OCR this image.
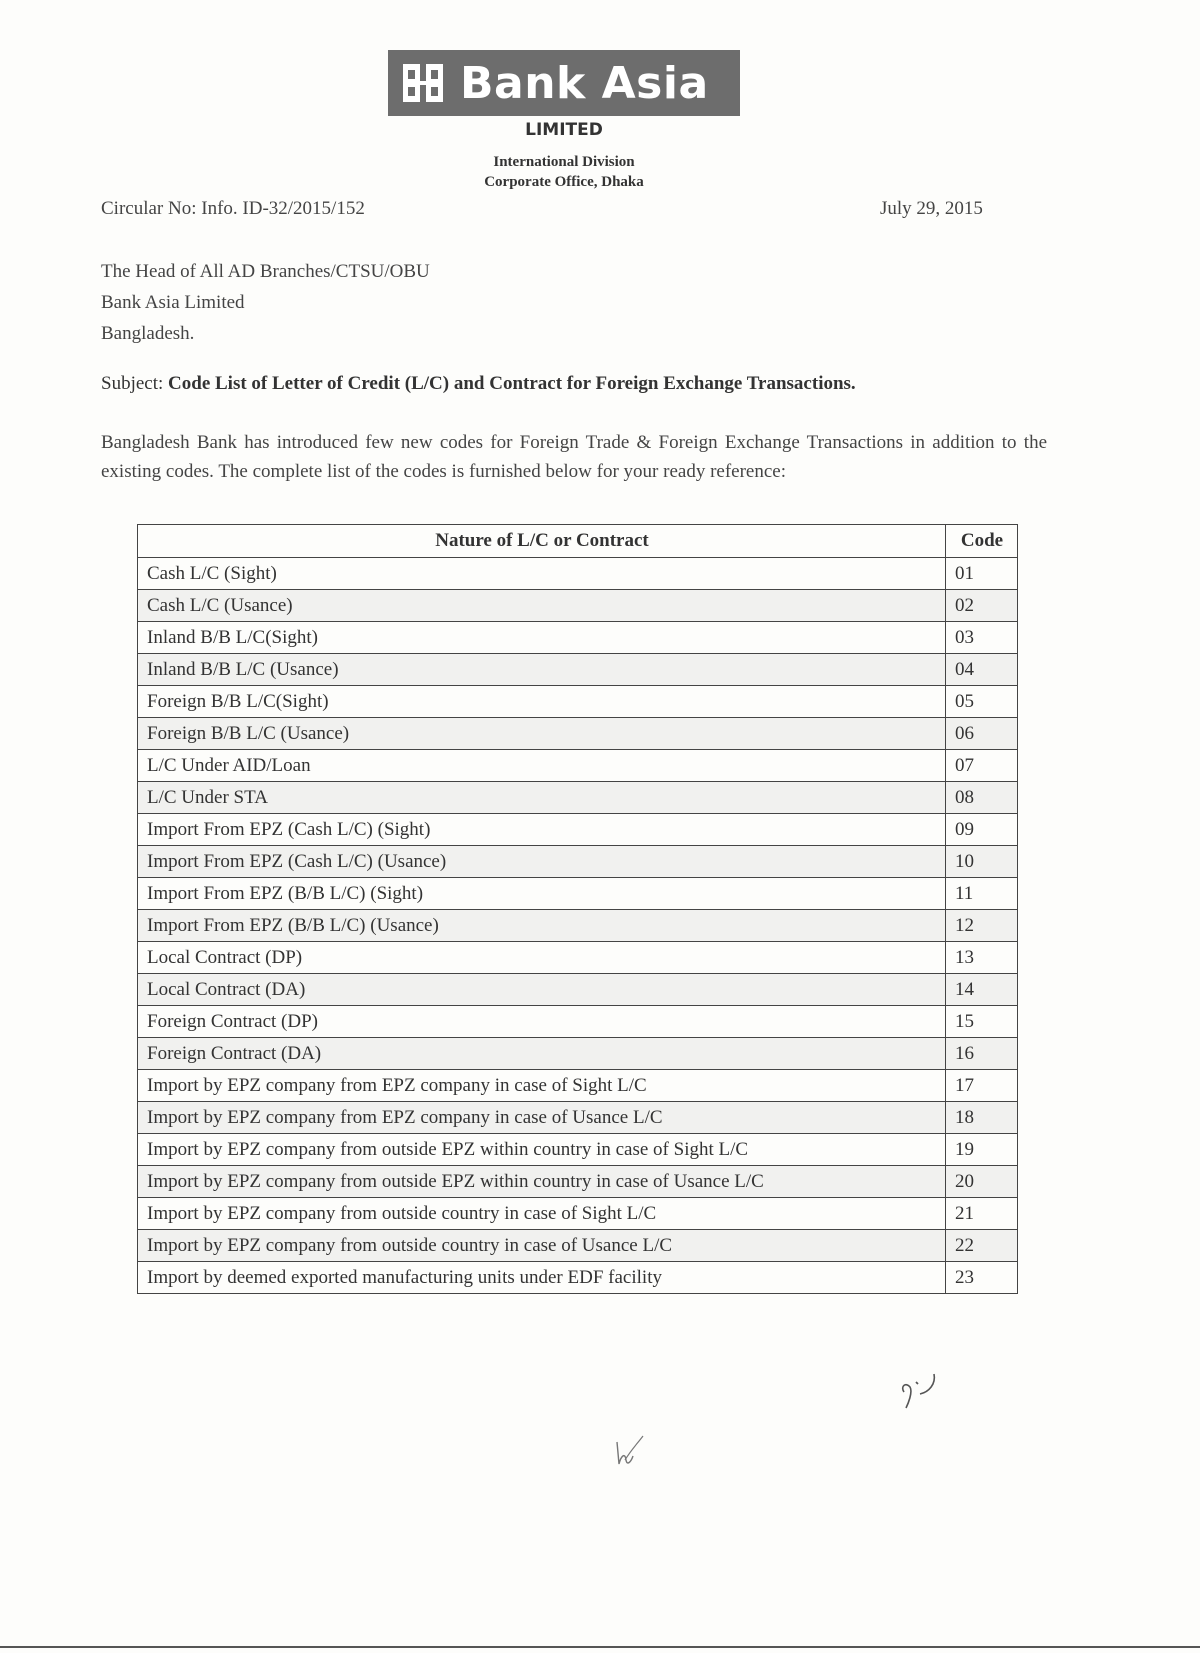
Bank Asia
LIMITED
International Division
Corporate Office, Dhaka
Circular No: Info. ID-32/2015/152	July 29, 2015
The Head of All AD Branches/CTSU/OBU
Bank Asia Limited
Bangladesh.
Subject: Code List of Letter of Credit (L/C) and Contract for Foreign Exchange Transactions.
Bangladesh Bank has introduced few new codes for Foreign Trade & Foreign Exchange Transactions in addition to the existing codes. The complete list of the codes is furnished below for your ready reference:
Nature of L/C or Contract	Code
Cash L/C (Sight)	01
Cash L/C (Usance)	02
Inland B/B L/C(Sight)	03
Inland B/B L/C (Usance)	04
Foreign B/B L/C(Sight)	05
Foreign B/B L/C (Usance)	06
L/C Under AID/Loan	07
L/C Under STA	08
Import From EPZ (Cash L/C) (Sight)	09
Import From EPZ (Cash L/C) (Usance)	10
Import From EPZ (B/B L/C) (Sight)	11
Import From EPZ (B/B L/C) (Usance)	12
Local Contract (DP)	13
Local Contract (DA)	14
Foreign Contract (DP)	15
Foreign Contract (DA)	16
Import by EPZ company from EPZ company in case of Sight L/C	17
Import by EPZ company from EPZ company in case of Usance L/C	18
Import by EPZ company from outside EPZ within country in case of Sight L/C	19
Import by EPZ company from outside EPZ within country in case of Usance L/C	20
Import by EPZ company from outside country in case of Sight L/C	21
Import by EPZ company from outside country in case of Usance L/C	22
Import by deemed exported manufacturing units under EDF facility	23
